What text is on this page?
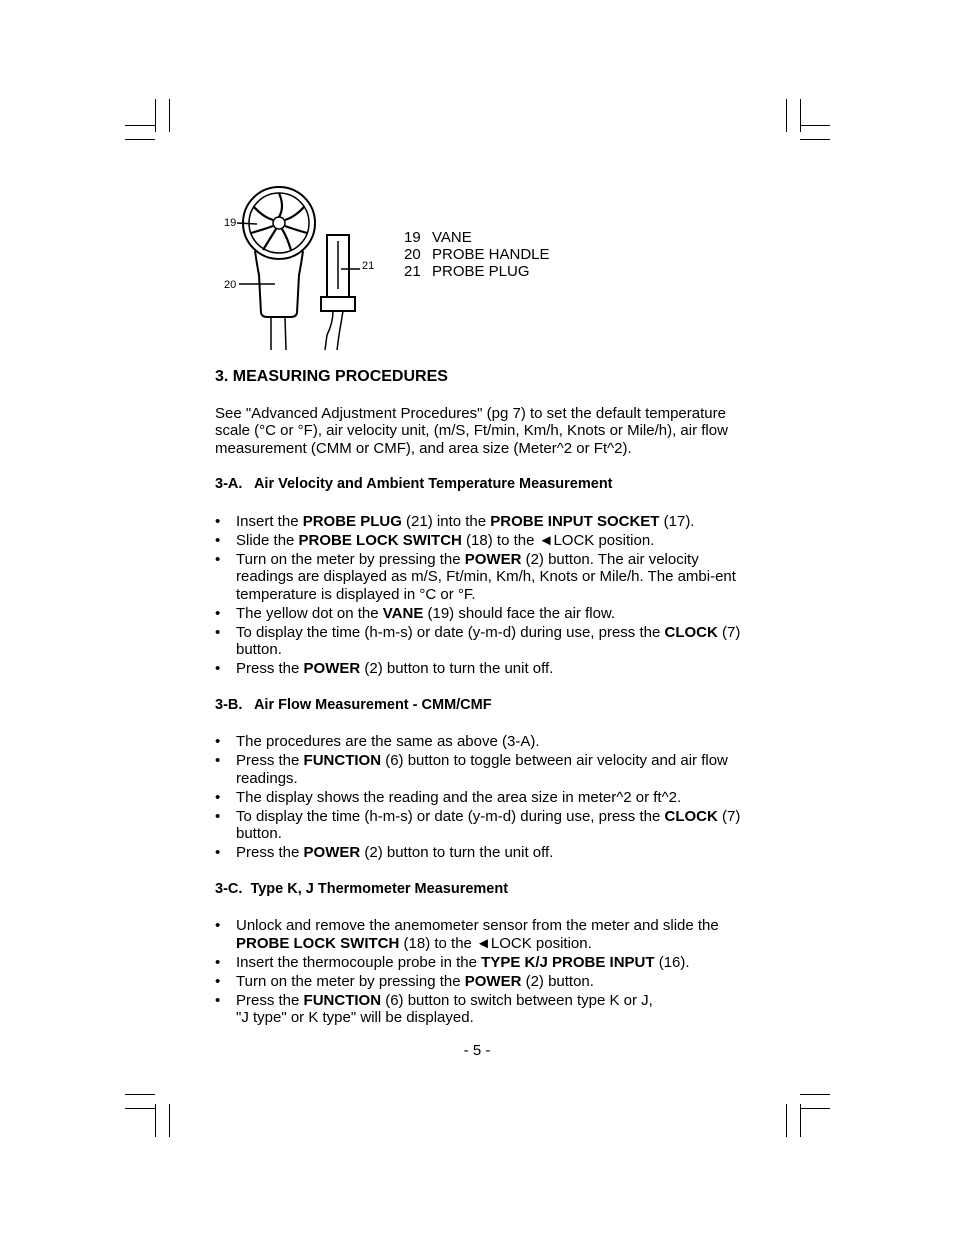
19
20
21
19 VANE
20 PROBE HANDLE
21 PROBE PLUG
3. MEASURING PROCEDURES

See "Advanced Adjustment Procedures" (pg 7) to set the default temperature scale (°C or °F), air velocity unit, (m/S, Ft/min, Km/h, Knots or Mile/h), air flow measurement (CMM or CMF), and area size (Meter^2 or Ft^2).

3-A.   Air Velocity and Ambient Temperature Measurement
• Insert the PROBE PLUG (21) into the PROBE INPUT SOCKET (17).
• Slide the PROBE LOCK SWITCH (18) to the ◄LOCK position.
• Turn on the meter by pressing the POWER (2) button. The air velocity readings are displayed as m/S, Ft/min, Km/h, Knots or Mile/h. The ambi-ent temperature is displayed in °C or °F.
• The yellow dot on the VANE (19) should face the air flow.
• To display the time (h-m-s) or date (y-m-d) during use, press the CLOCK (7) button.
• Press the POWER (2) button to turn the unit off.
3-B.   Air Flow Measurement - CMM/CMF
• The procedures are the same as above (3-A).
• Press the FUNCTION (6) button to toggle between air velocity and air flow readings.
• The display shows the reading and the area size in meter^2 or ft^2.
• To display the time (h-m-s) or date (y-m-d) during use, press the CLOCK (7) button.
• Press the POWER (2) button to turn the unit off.
3-C.  Type K, J Thermometer Measurement
• Unlock and remove the anemometer sensor from the meter and slide the PROBE LOCK SWITCH (18) to the ◄LOCK position.
• Insert the thermocouple probe in the TYPE K/J PROBE INPUT (16).
• Turn on the meter by pressing the POWER (2) button.
• Press the FUNCTION (6) button to switch between type K or J,
"J type" or K type" will be displayed.
- 5 -
